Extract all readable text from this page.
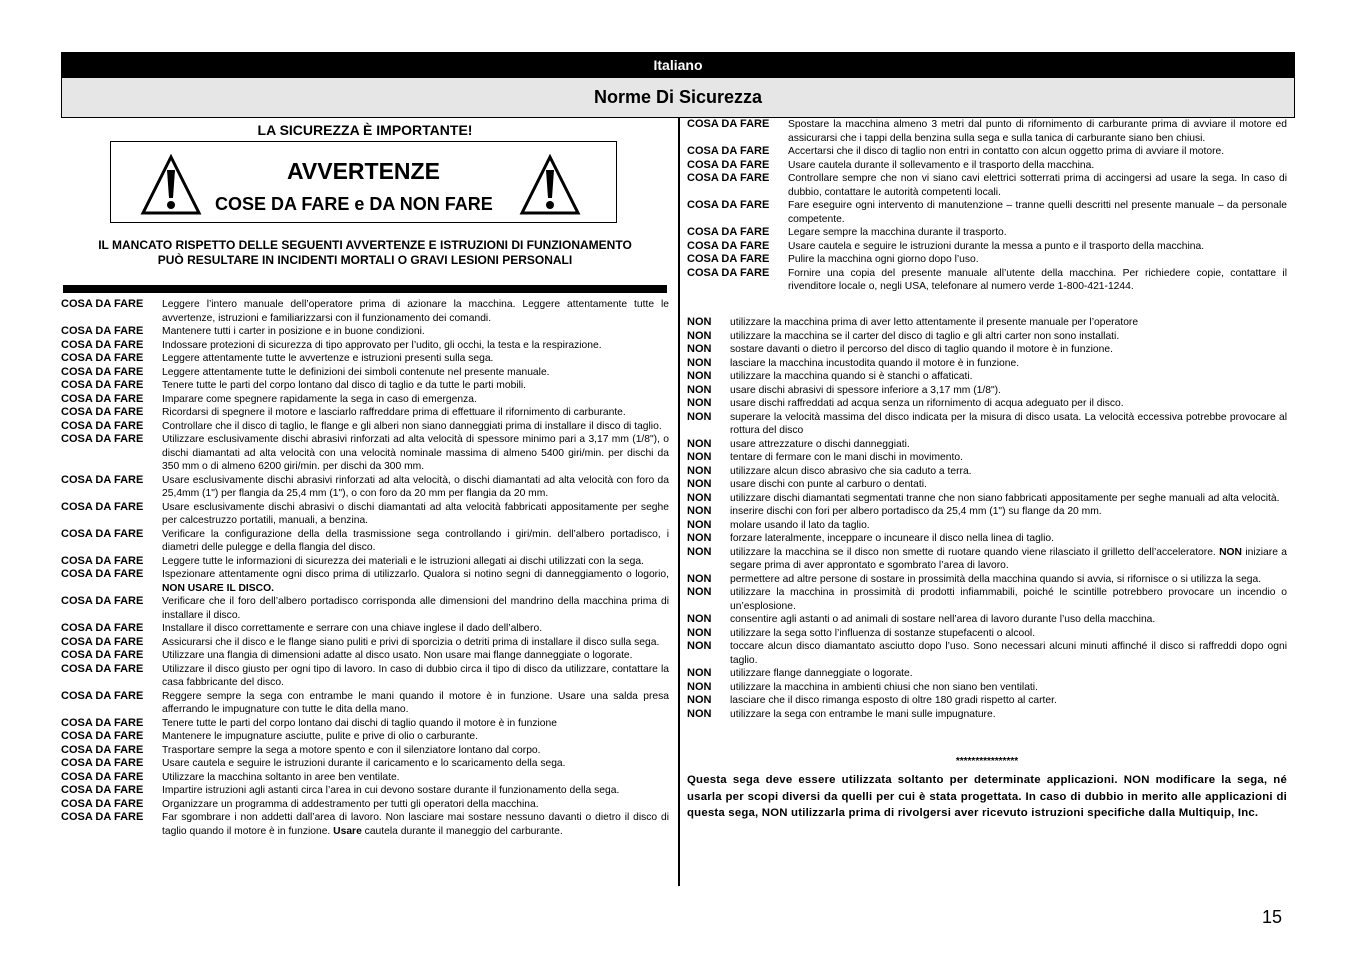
Italiano
Norme Di Sicurezza
LA SICUREZZA È IMPORTANTE!
AVVERTENZE
COSE DA FARE e DA NON FARE
IL MANCATO RISPETTO DELLE SEGUENTI AVVERTENZE E ISTRUZIONI DI FUNZIONAMENTO
PUÒ RESULTARE IN INCIDENTI MORTALI O GRAVI LESIONI PERSONALI
COSA DA FARE	Leggere l’intero manuale dell’operatore prima di azionare la macchina. Leggere attentamente tutte le avvertenze, istruzioni e familiarizzarsi con il funzionamento dei comandi.
COSA DA FARE	Mantenere tutti i carter in posizione e in buone condizioni.
COSA DA FARE	Indossare protezioni di sicurezza di tipo approvato per l’udito, gli occhi, la testa e la respirazione.
COSA DA FARE	Leggere attentamente tutte le avvertenze e istruzioni presenti sulla sega.
COSA DA FARE	Leggere attentamente tutte le definizioni dei simboli contenute nel presente manuale.
COSA DA FARE	Tenere tutte le parti del corpo lontano dal disco di taglio e da tutte le parti mobili.
COSA DA FARE	Imparare come spegnere rapidamente la sega in caso di emergenza.
COSA DA FARE	Ricordarsi di spegnere il motore e lasciarlo raffreddare prima di effettuare il rifornimento di carburante.
COSA DA FARE	Controllare che il disco di taglio, le flange e gli alberi non siano danneggiati prima di installare il disco di taglio.
COSA DA FARE	Utilizzare esclusivamente dischi abrasivi rinforzati ad alta velocità di spessore minimo pari a 3,17 mm (1/8"), o dischi diamantati ad alta velocità con una velocità nominale massima di almeno 5400 giri/min. per dischi da 350 mm o di almeno 6200 giri/min. per dischi da 300 mm.
COSA DA FARE	Usare esclusivamente dischi abrasivi rinforzati ad alta velocità, o dischi diamantati ad alta velocità con foro da 25,4mm (1") per flangia da 25,4 mm (1"), o con foro da 20 mm per flangia da 20 mm.
COSA DA FARE	Usare esclusivamente dischi abrasivi o dischi diamantati ad alta velocità fabbricati appositamente per seghe per calcestruzzo portatili, manuali, a benzina.
COSA DA FARE	Verificare la configurazione della della trasmissione sega controllando i giri/min. dell’albero portadisco, i diametri delle pulegge e della flangia del disco.
COSA DA FARE	Leggere tutte le informazioni di sicurezza dei materiali e le istruzioni allegati ai dischi utilizzati con la sega.
COSA DA FARE	Ispezionare attentamente ogni disco prima di utilizzarlo. Qualora si notino segni di danneggiamento o logorio, NON USARE IL DISCO.
COSA DA FARE	Verificare che il foro dell’albero portadisco corrisponda alle dimensioni del mandrino della macchina prima di installare il disco.
COSA DA FARE	Installare il disco correttamente e serrare con una chiave inglese il dado dell’albero.
COSA DA FARE	Assicurarsi che il disco e le flange siano puliti e privi di sporcizia o detriti prima di installare il disco sulla sega.
COSA DA FARE	Utilizzare una flangia di dimensioni adatte al disco usato. Non usare mai flange danneggiate o logorate.
COSA DA FARE	Utilizzare il disco giusto per ogni tipo di lavoro. In caso di dubbio circa il tipo di disco da utilizzare, contattare la casa fabbricante del disco.
COSA DA FARE	Reggere sempre la sega con entrambe le mani quando il motore è in funzione. Usare una salda presa afferrando le impugnature con tutte le dita della mano.
COSA DA FARE	Tenere tutte le parti del corpo lontano dai dischi di taglio quando il motore è in funzione
COSA DA FARE	Mantenere le impugnature asciutte, pulite e prive di olio o carburante.
COSA DA FARE	Trasportare sempre la sega a motore spento e con il silenziatore lontano dal corpo.
COSA DA FARE	Usare cautela e seguire le istruzioni durante il caricamento e lo scaricamento della sega.
COSA DA FARE	Utilizzare la macchina soltanto in aree ben ventilate.
COSA DA FARE	Impartire istruzioni agli astanti circa l’area in cui devono sostare durante il funzionamento della sega.
COSA DA FARE	Organizzare un programma di addestramento per tutti gli operatori della macchina.
COSA DA FARE	Far sgombrare i non addetti dall’area di lavoro. Non lasciare mai sostare nessuno davanti o dietro il disco di taglio quando il motore è in funzione. Usare cautela durante il maneggio del carburante.
COSA DA FARE	Spostare la macchina almeno 3 metri dal punto di rifornimento di carburante prima di avviare il motore ed assicurarsi che i tappi della benzina sulla sega e sulla tanica di carburante siano ben chiusi.
COSA DA FARE	Accertarsi che il disco di taglio non entri in contatto con alcun oggetto prima di avviare il motore.
COSA DA FARE	Usare cautela durante il sollevamento e il trasporto della macchina.
COSA DA FARE	Controllare sempre che non vi siano cavi elettrici sotterrati prima di accingersi ad usare la sega. In caso di dubbio, contattare le autorità competenti locali.
COSA DA FARE	Fare eseguire ogni intervento di manutenzione – tranne quelli descritti nel presente manuale – da personale competente.
COSA DA FARE	Legare sempre la macchina durante il trasporto.
COSA DA FARE	Usare cautela e seguire le istruzioni durante la messa a punto e il trasporto della macchina.
COSA DA FARE	Pulire la macchina ogni giorno dopo l’uso.
COSA DA FARE	Fornire una copia del presente manuale all’utente della macchina. Per richiedere copie, contattare il rivenditore locale o, negli USA, telefonare al numero verde 1-800-421-1244.
NON	utilizzare la macchina prima di aver letto attentamente il presente manuale per l’operatore
NON	utilizzare la macchina se il carter del disco di taglio e gli altri carter non sono installati.
NON	sostare davanti o dietro il percorso del disco di taglio quando il motore è in funzione.
NON	lasciare la macchina incustodita quando il motore è in funzione.
NON	utilizzare la macchina quando si è stanchi o affaticati.
NON	usare dischi abrasivi di spessore inferiore a 3,17 mm (1/8").
NON	usare dischi raffreddati ad acqua senza un rifornimento di acqua adeguato per il disco.
NON	superare la velocità massima del disco indicata per la misura di disco usata. La velocità eccessiva potrebbe provocare al rottura del disco
NON	usare attrezzature o dischi danneggiati.
NON	tentare di fermare con le mani dischi in movimento.
NON	utilizzare alcun disco abrasivo che sia caduto a terra.
NON	usare dischi con punte al carburo o dentati.
NON	utilizzare dischi diamantati segmentati tranne che non siano fabbricati appositamente per seghe manuali ad alta velocità.
NON	inserire dischi con fori per albero portadisco da 25,4 mm (1") su flange da 20 mm.
NON	molare usando il lato da taglio.
NON	forzare lateralmente, inceppare o incuneare il disco nella linea di taglio.
NON	utilizzare la macchina se il disco non smette di ruotare quando viene rilasciato il grilletto dell’acceleratore. NON iniziare a segare prima di aver approntato e sgombrato l’area di lavoro.
NON	permettere ad altre persone di sostare in prossimità della macchina quando si avvia, si rifornisce o si utilizza la sega.
NON	utilizzare la macchina in prossimità di prodotti infiammabili, poiché le scintille potrebbero provocare un incendio o un’esplosione.
NON	consentire agli astanti o ad animali di sostare nell’area di lavoro durante l’uso della macchina.
NON	utilizzare la sega sotto l’influenza di sostanze stupefacenti o alcool.
NON	toccare alcun disco diamantato asciutto dopo l’uso. Sono necessari alcuni minuti affinché il disco si raffreddi dopo ogni taglio.
NON	utilizzare flange danneggiate o logorate.
NON	utilizzare la macchina in ambienti chiusi che non siano ben ventilati.
NON	lasciare che il disco rimanga esposto di oltre 180 gradi rispetto al carter.
NON	utilizzare la sega con entrambe le mani sulle impugnature.
****************
Questa sega deve essere utilizzata soltanto per determinate applicazioni. NON modificare la sega, né usarla per scopi diversi da quelli per cui è stata progettata. In caso di dubbio in merito alle applicazioni di questa sega, NON utilizzarla prima di rivolgersi aver ricevuto istruzioni specifiche dalla Multiquip, Inc.
15
